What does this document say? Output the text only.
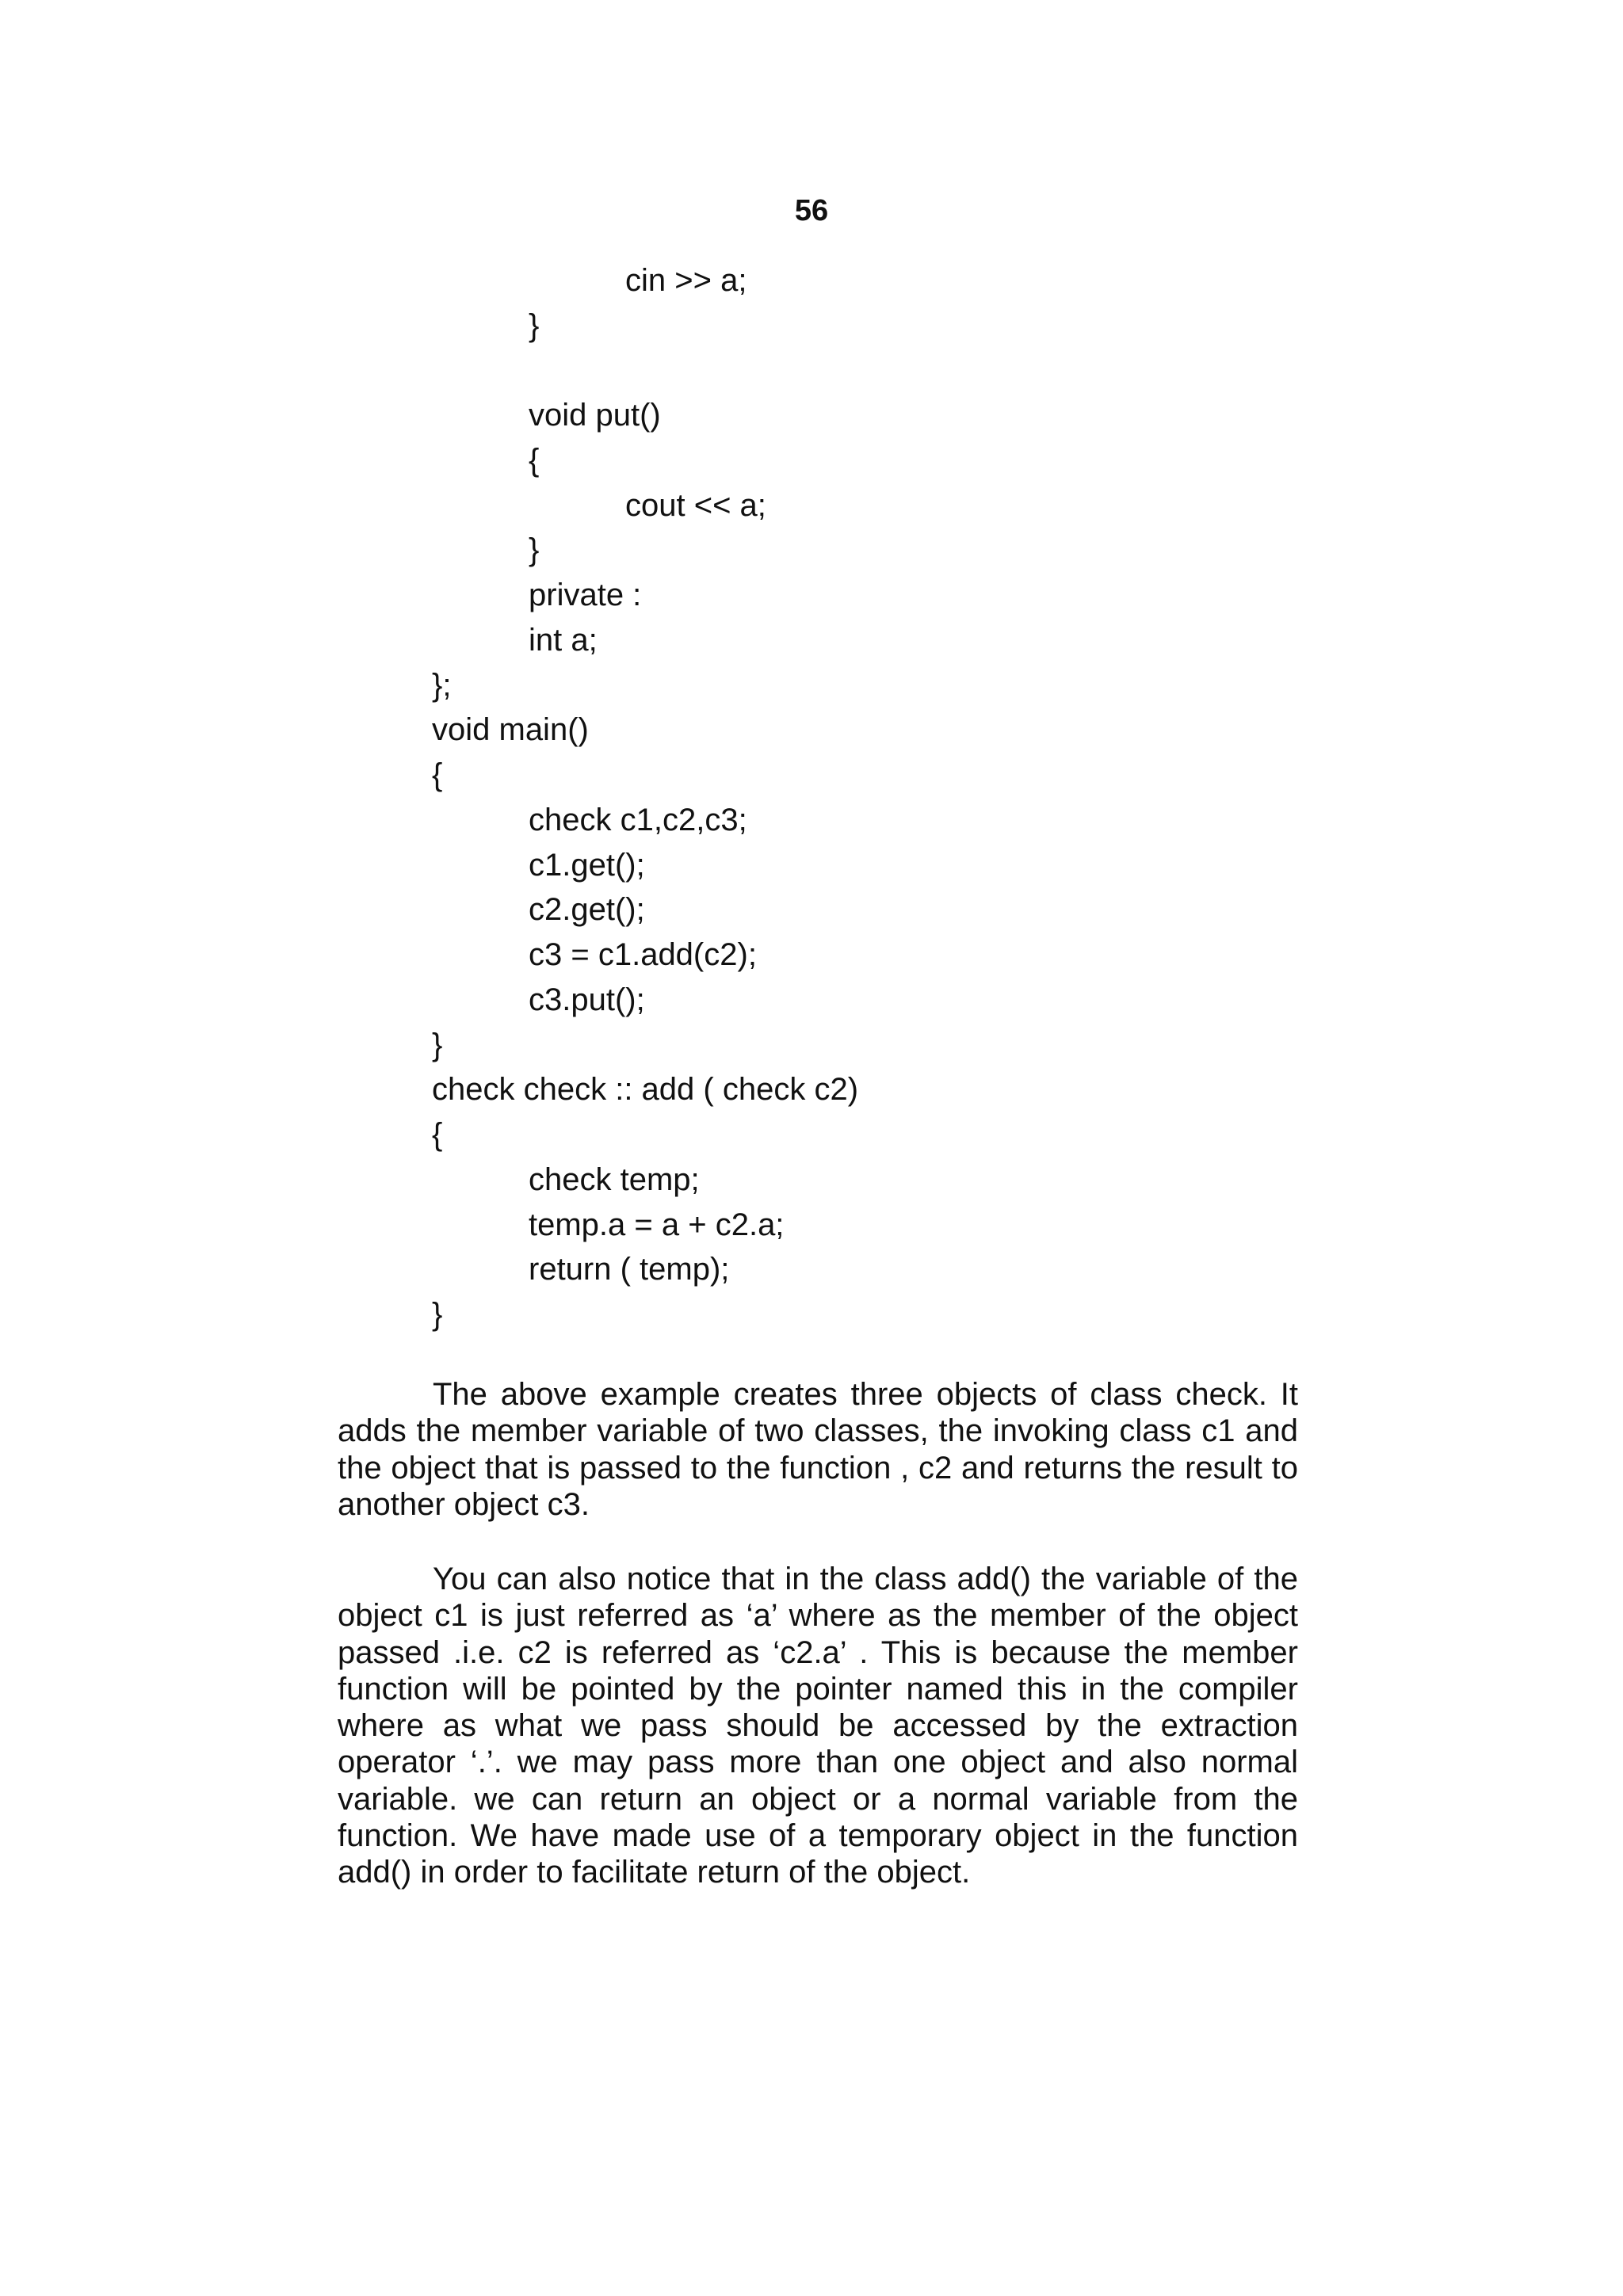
56
cin >> a;
}
void put()
{
cout << a;
}
private :
int a;
};
void main()
{
check c1,c2,c3;
c1.get();
c2.get();
c3 = c1.add(c2);
c3.put();
}
check check :: add ( check c2)
{
check temp;
temp.a = a + c2.a;
return ( temp);
}

The above example creates three objects of class check. It adds the member variable of two classes, the invoking class c1 and the object that is passed to the function , c2 and returns the result to another object c3.

You can also notice that in the class add() the variable of the object c1 is just referred as ‘a’ where as the member of the object passed .i.e. c2 is referred as ‘c2.a’ . This is because the member function will be pointed by the pointer named this in the compiler where as what we pass should be accessed by the extraction operator ‘.’. we may pass more than one object and also normal variable. we can return an object or a normal variable from the function. We have made use of a temporary object in the function add() in order to facilitate return of the object.
